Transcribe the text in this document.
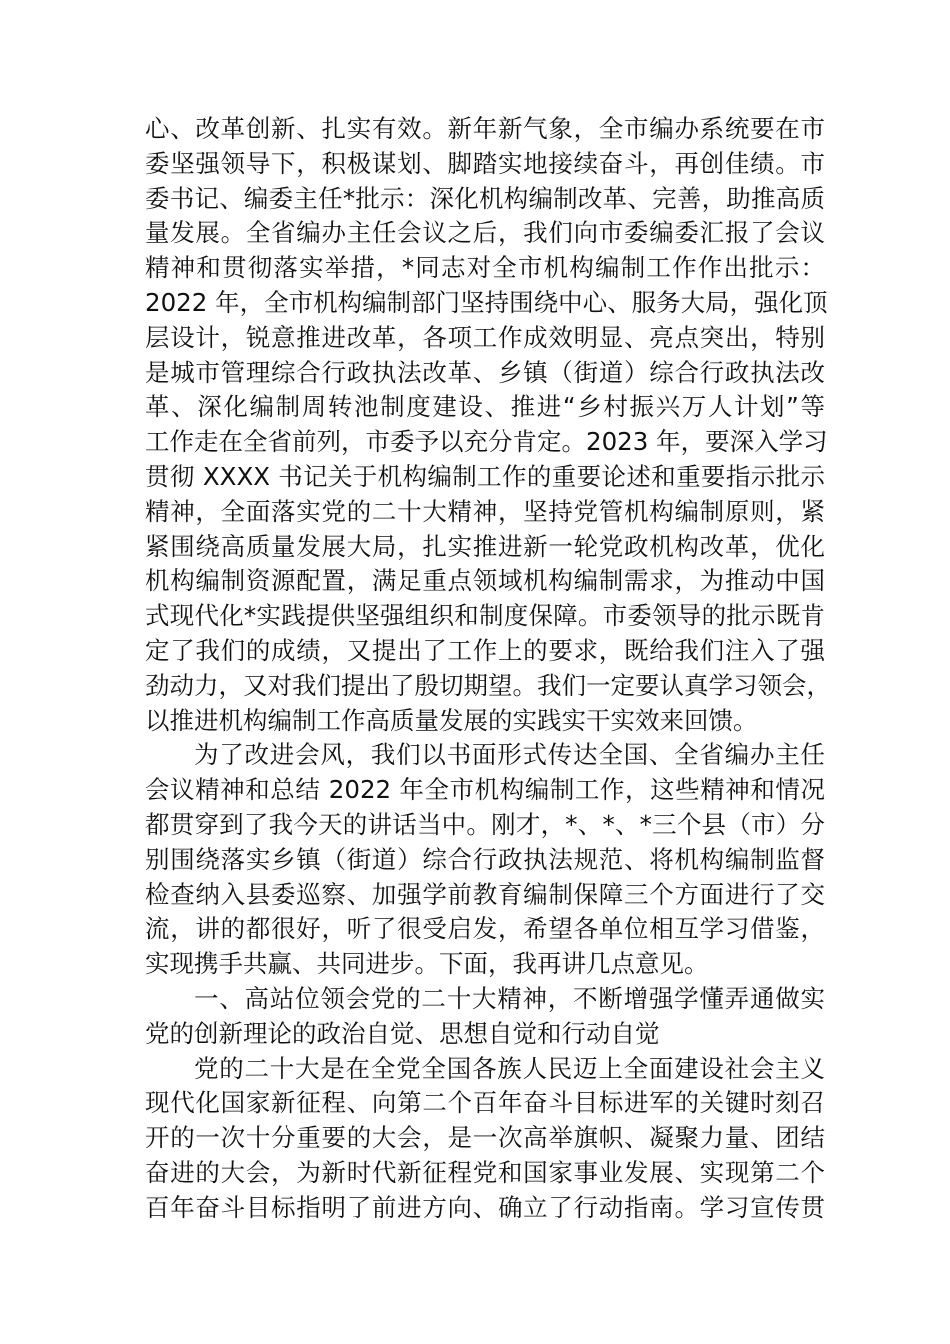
心、改革创新、扎实有效。新年新气象，全市编办系统要在市
委坚强领导下，积极谋划、脚踏实地接续奋斗，再创佳绩。市
委书记、编委主任*批示：深化机构编制改革、完善，助推高质
量发展。全省编办主任会议之后，我们向市委编委汇报了会议
精神和贯彻落实举措，*同志对全市机构编制工作作出批示：
2022 年，全市机构编制部门坚持围绕中心、服务大局，强化顶
层设计，锐意推进改革，各项工作成效明显、亮点突出，特别
是城市管理综合行政执法改革、乡镇（街道）综合行政执法改
革、深化编制周转池制度建设、推进“乡村振兴万人计划”等
工作走在全省前列，市委予以充分肯定。2023 年，要深入学习
贯彻 XXXX 书记关于机构编制工作的重要论述和重要指示批示
精神，全面落实党的二十大精神，坚持党管机构编制原则，紧
紧围绕高质量发展大局，扎实推进新一轮党政机构改革，优化
机构编制资源配置，满足重点领域机构编制需求，为推动中国
式现代化*实践提供坚强组织和制度保障。市委领导的批示既肯
定了我们的成绩，又提出了工作上的要求，既给我们注入了强
劲动力，又对我们提出了殷切期望。我们一定要认真学习领会，
以推进机构编制工作高质量发展的实践实干实效来回馈。
为了改进会风，我们以书面形式传达全国、全省编办主任
会议精神和总结 2022 年全市机构编制工作，这些精神和情况
都贯穿到了我今天的讲话当中。刚才，*、*、*三个县（市）分
别围绕落实乡镇（街道）综合行政执法规范、将机构编制监督
检查纳入县委巡察、加强学前教育编制保障三个方面进行了交
流，讲的都很好，听了很受启发，希望各单位相互学习借鉴，
实现携手共赢、共同进步。下面，我再讲几点意见。
一、高站位领会党的二十大精神，不断增强学懂弄通做实
党的创新理论的政治自觉、思想自觉和行动自觉
党的二十大是在全党全国各族人民迈上全面建设社会主义
现代化国家新征程、向第二个百年奋斗目标进军的关键时刻召
开的一次十分重要的大会，是一次高举旗帜、凝聚力量、团结
奋进的大会，为新时代新征程党和国家事业发展、实现第二个
百年奋斗目标指明了前进方向、确立了行动指南。学习宣传贯
